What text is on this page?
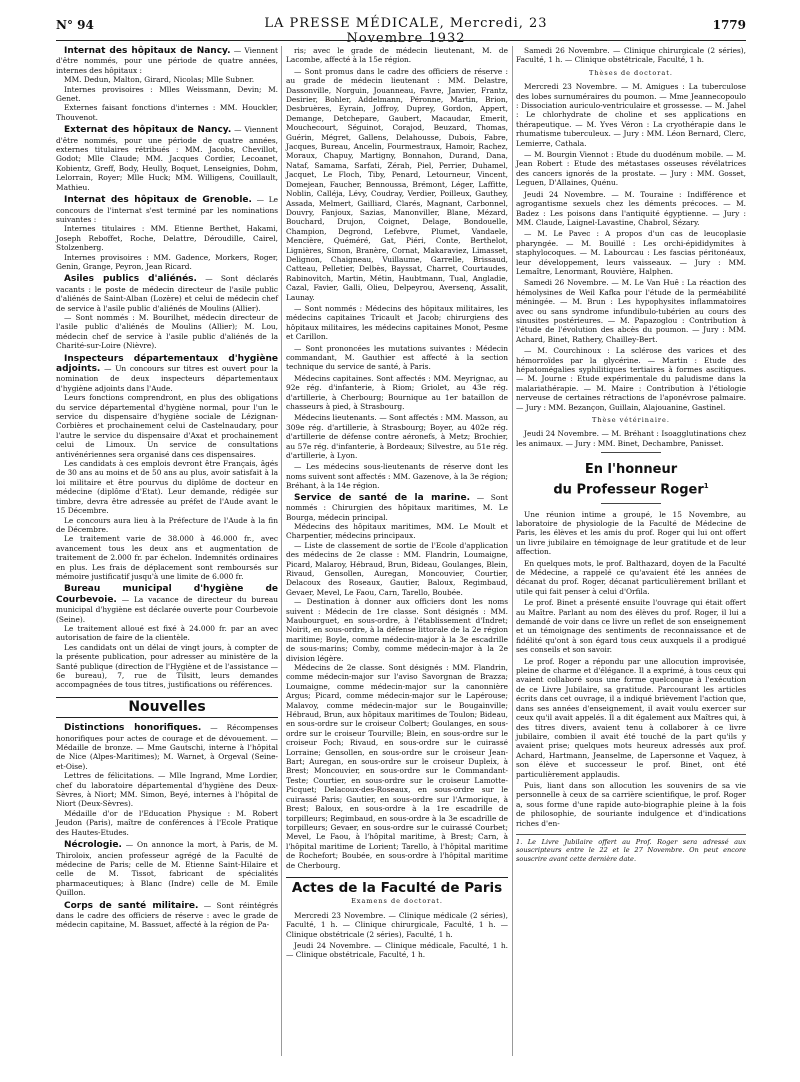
N° 94	LA PRESSE MÉDICALE, Mercredi, 23 Novembre 1932
1779

Internat des hôpitaux de Nancy. — Viennent d'être nommés, pour une période de quatre années, internes des hôpitaux :

MM. Dedun, Malton, Girard, Nicolas; Mlle Subner.

Internes provisoires : Mlles Weissmann, Devin; M. Genet.

Externes faisant fonctions d'internes : MM. Houckler, Thouvenot.

Externat des hôpitaux de Nancy. — Viennent d'être nommés, pour une période de quatre années, externes titulaires rétribués : MM. Jacobs, Chevillot, Godot; Mlle Claude; MM. Jacques Cordier, Lecoanet, Kobientz, Greff, Body, Heully, Boquet, Lenseignies, Dohm, Lelorrain, Royer; Mlle Huck; MM. Willigens, Couillault, Mathieu.

Internat des hôpitaux de Grenoble. — Le concours de l'internat s'est terminé par les nominations suivantes :

Internes titulaires : MM. Etienne Berthet, Hakami, Joseph Reboffet, Roche, Delattre, Déroudille, Cairel, Stolzenberg.

Internes provisoires : MM. Gadence, Morkers, Roger, Genin, Grange, Peyron, Jean Ricard.

Asiles publics d'aliénés. — Sont déclarés vacants : le poste de médecin directeur de l'asile public d'aliénés de Saint-Alban (Lozère) et celui de médecin chef de service à l'asile public d'aliénés de Moulins (Allier).

— Sont nommés : M. Bourilhet, médecin directeur de l'asile public d'aliénés de Moulins (Allier); M. Lou, médecin chef de service à l'asile public d'aliénés de la Charité-sur-Loire (Nièvre).

Inspecteurs départementaux d'hygiène adjoints. — Un concours sur titres est ouvert pour la nomination de deux inspecteurs départementaux d'hygiène adjoints dans l'Aude.

Leurs fonctions comprendront, en plus des obligations du service départemental d'hygiène normal, pour l'un le service du dispensaire d'hygiène sociale de Lézignan-Corbières et prochainement celui de Castelnaudary, pour l'autre le service du dispensaire d'Axat et prochainement celui de Limoux. Un service de consultations antivénériennes sera organisé dans ces dispensaires.

Les candidats à ces emplois devront être Français, âgés de 30 ans au moins et de 50 ans au plus, avoir satisfait à la loi militaire et être pourvus du diplôme de docteur en médecine (diplôme d'Etat). Leur demande, rédigée sur timbre, devra être adressée au préfet de l'Aude avant le 15 Décembre.

Le concours aura lieu à la Préfecture de l'Aude à la fin de Décembre.

Le traitement varie de 38.000 à 46.000 fr., avec avancement tous les deux ans et augmentation de traitement de 2.000 fr. par échelon. Indemnités ordinaires en plus. Les frais de déplacement sont remboursés sur mémoire justificatif jusqu'à une limite de 6.000 fr.

Bureau municipal d'hygiène de Courbevoie. — La vacance de directeur du bureau municipal d'hygiène est déclarée ouverte pour Courbevoie (Seine).

Le traitement alloué est fixé à 24.000 fr. par an avec autorisation de faire de la clientèle.

Les candidats ont un délai de vingt jours, à compter de la présente publication, pour adresser au ministère de la Santé publique (direction de l'Hygiène et de l'assistance — 6e bureau), 7, rue de Tilsitt, leurs demandes accompagnées de tous titres, justifications ou références.

Nouvelles

Distinctions honorifiques. — Récompenses honorifiques pour actes de courage et de dévouement. — Médaille de bronze. — Mme Gautschi, interne à l'hôpital de Nice (Alpes-Maritimes); M. Warnet, à Orgeval (Seine-et-Oise).

Lettres de félicitations. — Mlle Ingrand, Mme Lordier, chef du laboratoire départemental d'hygiène des Deux-Sèvres, à Niort; MM. Simon, Beyé, internes à l'hôpital de Niort (Deux-Sèvres).

Médaille d'or de l'Education Physique : M. Robert Jeudon (Paris), maître de conférences à l'Ecole Pratique des Hautes-Etudes.

Nécrologie. — On annonce la mort, à Paris, de M. Thiroloix, ancien professeur agrégé de la Faculté de médecine de Paris; celle de M. Etienne Saint-Hilaire et celle de M. Tissot, fabricant de spécialités pharmaceutiques; à Blanc (Indre) celle de M. Emile Quillon.

Corps de santé militaire. — Sont réintégrés dans le cadre des officiers de réserve : avec le grade de médecin capitaine, M. Bassuet, affecté à la région de Pa-

ris; avec le grade de médecin lieutenant, M. de Lacombe, affecté à la 15e région.

— Sont promus dans le cadre des officiers de réserve : au grade de médecin lieutenant : MM. Delastre, Dassonville, Norguin, Jouanneau, Favre, Janvier, Frantz, Desirier, Bohler, Addelmann, Péronne, Martin, Brion, Desbruères, Eyrain, Joffroy, Duprey, Gordon, Appert, Demange, Detchepare, Gaubert, Macaudar, Emerit, Mouchecourt, Séguinot, Corajod, Beuzard, Thomas, Guérin, Mégret, Gallens, Delahousse, Dubois, Fabre, Jacques, Bureau, Ancelin, Fourmestraux, Hamoir, Rachez, Moraux, Chapuy, Martigny, Bonnahon, Durand, Dana, Nataf, Samama, Sarfati, Zérah, Piel, Perrier, Duhamel, Jacquet, Le Floch, Tiby, Penard, Letourneur, Vincent, Domejean, Faucher, Bennoussa, Brémont, Léger, Laffitte, Noblin, Calléja, Lévy, Coudray, Verdier, Poilleux, Gauthey, Assada, Melmert, Gailliard, Clarés, Magnant, Carbonnel, Douvry, Fanjoux, Sazias, Manonviller, Blane, Mézard, Bouchard, Drujon, Coignet, Delage, Bondouelle, Champion, Degrond, Lefebvre, Plumet, Vandaele, Mencière, Quéméré, Gat, Piéri, Conte, Berthelot, Lignières, Simon, Branère, Cornat, Makaraviez, Limasset, Delignon, Chaigneau, Vuillaume, Garrelle, Brissaud, Catteau, Pelletier, Delbès, Bayssat, Charret, Courtaudes, Rabinovitch, Martin, Métin, Haubtmann, Tual, Angladie, Cazal, Favier, Galli, Olieu, Delpeyrou, Aversenq, Assalit, Launay.

— Sont nommés : Médecins des hôpitaux militaires, les médecins capitaines Tricault et Jacob; chirurgiens des hôpitaux militaires, les médecins capitaines Monot, Pesme et Carillon.

— Sont prononcées les mutations suivantes : Médecin commandant, M. Gauthier est affecté à la section technique du service de santé, à Paris.

Médecins capitaines. Sont affectés : MM. Meyrignac, au 92e rég. d'infanterie, à Riom; Griolet, au 43e rég. d'artillerie, à Cherbourg; Bournique au 1er bataillon de chasseurs à pied, à Strasbourg.

Médecins lieutenants. — Sont affectés : MM. Masson, au 309e rég. d'artillerie, à Strasbourg; Boyer, au 402e rég. d'artillerie de défense contre aéronefs, à Metz; Brochier, au 57e rég. d'infanterie, à Bordeaux; Silvestre, au 51e rég. d'artillerie, à Lyon.

— Les médecins sous-lieutenants de réserve dont les noms suivent sont affectés : MM. Gazenove, à la 3e région; Bréhant, à la 14e région.

Service de santé de la marine. — Sont nommés : Chirurgien des hôpitaux maritimes, M. Le Bourga, médecin principal.

Médecins des hôpitaux maritimes, MM. Le Moult et Charpentier, médecins principaux.

— Liste de classement de sortie de l'Ecole d'application des médecins de 2e classe : MM. Flandrin, Loumaigne, Picard, Malaroy, Hébraud, Brun, Bideau, Goulanges, Blein, Rivaud, Gensollen, Auregan, Moncouvier, Courtier, Delacoux des Roseaux, Gautier, Baloux, Regimbaud, Gevaer, Mevel, Le Faou, Carn, Tarello, Boubée.

— Destination à donner aux officiers dont les noms suivent : Médecin de 1re classe. Sont désignés : MM. Maubourguet, en sous-ordre, à l'établissement d'Indret; Noirit, en sous-ordre, à la défense littorale de la 2e région maritime; Boyle, comme médecin-major à la 3e escadrille de sous-marins; Comby, comme médecin-major à la 2e division légère.

Médecins de 2e classe. Sont désignés : MM. Flandrin, comme médecin-major sur l'aviso Savorgnan de Brazza; Loumaigne, comme médecin-major sur la canonnière Argus; Picard, comme médecin-major sur le Lapérouse; Malavoy, comme médecin-major sur le Bougainville; Hébraud, Brun, aux hôpitaux maritimes de Toulon; Bideau, en sous-ordre sur le croiseur Colbert; Goulanges, en sous-ordre sur le croiseur Tourville; Blein, en sous-ordre sur le croiseur Foch; Rivaud, en sous-ordre sur le cuirassé Lorraine; Gensollen, en sous-ordre sur le croiseur Jean-Bart; Auregan, en sous-ordre sur le croiseur Dupleix, à Brest; Moncouvier, en sous-ordre sur le Commandant-Teste; Courtier, en sous-ordre sur le croiseur Lamotte-Picquet; Delacoux-des-Roseaux, en sous-ordre sur le cuirassé Paris; Gautier, en sous-ordre sur l'Armorique, à Brest; Baloux, en sous-ordre à la 1re escadrille de torpilleurs; Regimbaud, en sous-ordre à la 3e escadrille de torpilleurs; Gevaer, en sous-ordre sur le cuirassé Courbet; Mevel, Le Faou, à l'hôpital maritime, à Brest; Carn, à l'hôpital maritime de Lorient; Tarello, à l'hôpital maritime de Rochefort; Boubée, en sous-ordre à l'hôpital maritime de Cherbourg.

Actes de la Faculté de Paris
Examens de doctorat.

Mercredi 23 Novembre. — Clinique médicale (2 séries), Faculté, 1 h. — Clinique chirurgicale, Faculté, 1 h. — Clinique obstétricale (2 séries), Faculté, 1 h.

Jeudi 24 Novembre. — Clinique médicale, Faculté, 1 h. — Clinique obstétricale, Faculté, 1 h.

Samedi 26 Novembre. — Clinique chirurgicale (2 séries), Faculté, 1 h. — Clinique obstétricale, Faculté, 1 h.

Thèses de doctorat.

Mercredi 23 Novembre. — M. Amigues : La tuberculose des lobes surnuméraires du poumon. — Mme Jeannecopoulo : Dissociation auriculo-ventriculaire et grossesse. — M. Jahel : Le chlorhydrate de choline et ses applications en thérapeutique. — M. Yves Véron : La cryothérapie dans le rhumatisme tuberculeux. — Jury : MM. Léon Bernard, Clerc, Lemierre, Cathala.

— M. Bourgin Viennot : Etude du duodénum mobile. — M. Jean Robert : Etude des métastases osseuses révélatrices des cancers ignorés de la prostate. — Jury : MM. Gosset, Leguen, D'Allaines, Quénu.

Jeudi 24 Novembre. — M. Touraine : Indifférence et agrogantisme sexuels chez les déments précoces. — M. Badez : Les poisons dans l'antiquité égyptienne. — Jury : MM. Claude, Laignel-Lavastine, Chabrol, Sézary.

— M. Le Pavec : A propos d'un cas de leucoplasie pharyngée. — M. Bouillé : Les orchi-épididymites à staphylocoques. — M. Labourcau : Les fascias péritonéaux, leur développement, leurs vaisseaux. — Jury : MM. Lemaître, Lenormant, Rouvière, Halphen.

Samedi 26 Novembre. — M. Le Van Huê : La réaction des hémolysines de Weil Kafka pour l'étude de la perméabilité méningée. — M. Brun : Les hypophysites inflammatoires avec ou sans syndrome infundibulo-tubérien au cours des sinusites postérieures. — M. Papazoglou : Contribution à l'étude de l'évolution des abcès du poumon. — Jury : MM. Achard, Binet, Rathery, Chailley-Bert.

— M. Courchinoux : La sclérose des varices et des hémorroïdes par la glycérine. — Martin : Etude des hépatomégalies syphilitiques tertiaires à formes ascitiques. — M. Journe : Etude expérimentale du paludisme dans la malariathérapie. — M. Maire : Contribution à l'étiologie nerveuse de certaines rétractions de l'aponévrose palmaire. — Jury : MM. Bezançon, Guillain, Alajouanine, Gastinel.

Thèse vétérinaire.

Jeudi 24 Novembre. — M. Bréhant : Isoagglutinations chez les animaux. — Jury : MM. Binet, Dechambre, Panisset.

En l'honneur
du Professeur Roger$^1$

Une réunion intime a groupé, le 15 Novembre, au laboratoire de physiologie de la Faculté de Médecine de Paris, les élèves et les amis du prof. Roger qui lui ont offert un livre jubilaire en témoignage de leur gratitude et de leur affection.

En quelques mots, le prof. Balthazard, doyen de la Faculté de Médecine, a rappelé ce qu'avaient été les années de décanat du prof. Roger, décanat particulièrement brillant et utile qui fait penser à celui d'Orfila.

Le prof. Binet a présenté ensuite l'ouvrage qui était offert au Maître. Parlant au nom des élèves du prof. Roger, il lui a demandé de voir dans ce livre un reflet de son enseignement et un témoignage des sentiments de reconnaissance et de fidélité qu'ont à son égard tous ceux auxquels il a prodigué ses conseils et son savoir.

Le prof. Roger a répondu par une allocution improvisée, pleine de charme et d'élégance. Il a exprimé, à tous ceux qui avaient collaboré sous une forme quelconque à l'exécution de ce Livre Jubilaire, sa gratitude. Parcourant les articles écrits dans cet ouvrage, il a indiqué brièvement l'action que, dans ses années d'enseignement, il avait voulu exercer sur ceux qu'il avait appelés. Il a dit également aux Maîtres qui, à des titres divers, avaient tenu à collaborer à ce livre jubilaire, combien il avait été touché de la part qu'ils y avaient prise; quelques mots heureux adressés aux prof. Achard, Hartmann, Jeanselme, de Lapersonne et Vaquez, à son élève et successeur le prof. Binet, ont été particulièrement applaudis.

Puis, liant dans son allocution les souvenirs de sa vie personnelle à ceux de sa carrière scientifique, le prof. Roger a, sous forme d'une rapide auto-biographie pleine à la fois de philosophie, de souriante indulgence et d'indications riches d'en-

1. Le Livre Jubilaire offert au Prof. Roger sera adressé aux souscripteurs entre le 22 et le 27 Novembre. On peut encore souscrire avant cette dernière date.
